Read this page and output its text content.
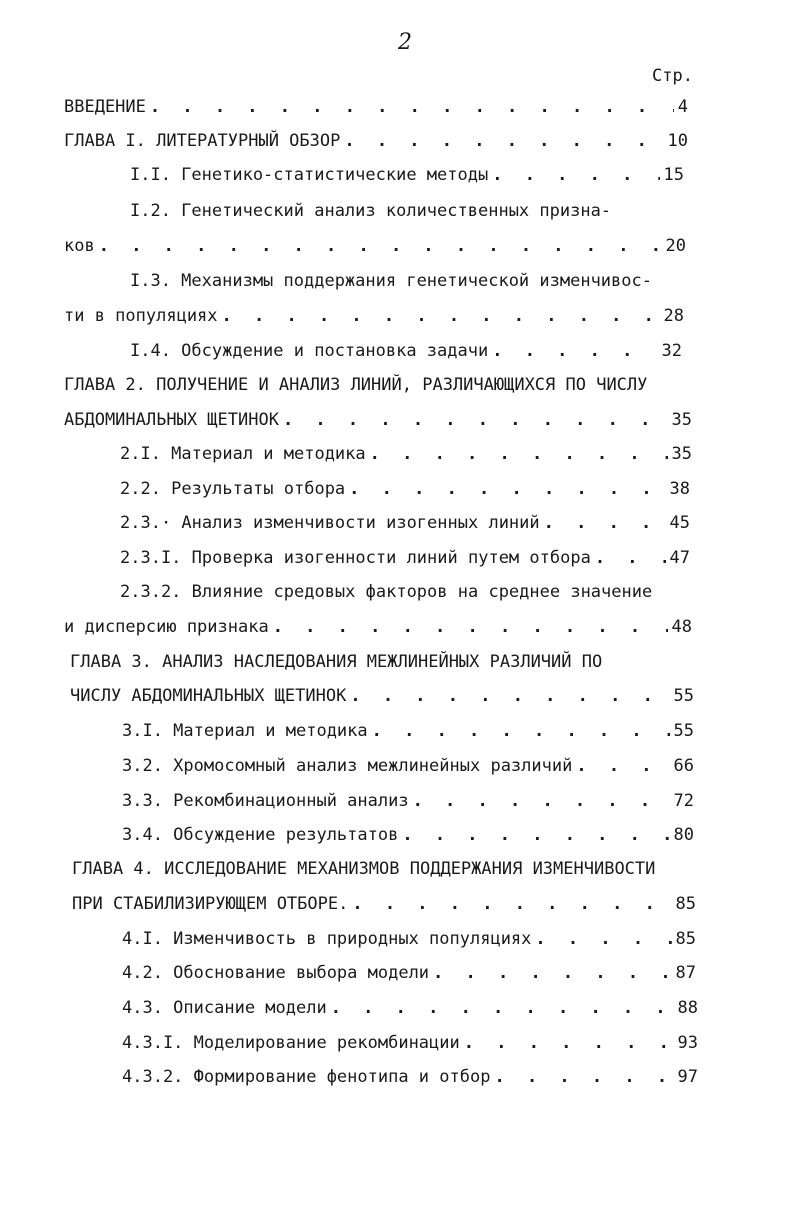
2
Стр.
ВВЕДЕНИЕ . . .	4
ГЛАВА I. ЛИТЕРАТУРНЫЙ ОБЗОР . . .	10
I.I. Генетико-статистические методы . . .	15
I.2. Генетический анализ количественных призна-
ков . . .	20
I.3. Механизмы поддержания генетической изменчивос-
ти в популяциях . . .	28
I.4. Обсуждение и постановка задачи . . .	32
ГЛАВА 2. ПОЛУЧЕНИЕ И АНАЛИЗ ЛИНИЙ, РАЗЛИЧАЮЩИХСЯ ПО ЧИСЛУ
АБДОМИНАЛЬНЫХ ЩЕТИНОК . . .	35
2.I. Материал и методика . . .	35
2.2. Результаты отбора . . .	38
2.3.· Анализ изменчивости изогенных линий . . .	45
2.3.I. Проверка изогенности линий путем отбора . . .	47
2.3.2. Влияние средовых факторов на среднее значение
и дисперсию признака . . .	48
ГЛАВА 3. АНАЛИЗ НАСЛЕДОВАНИЯ МЕЖЛИНЕЙНЫХ РАЗЛИЧИЙ ПО
ЧИСЛУ АБДОМИНАЛЬНЫХ ЩЕТИНОК . . .	55
3.I. Материал и методика . . .	55
3.2. Хромосомный анализ межлинейных различий . . .	66
3.3. Рекомбинационный анализ . . .	72
3.4. Обсуждение результатов . . .	80
ГЛАВА 4. ИССЛЕДОВАНИЕ МЕХАНИЗМОВ ПОДДЕРЖАНИЯ ИЗМЕНЧИВОСТИ
ПРИ СТАБИЛИЗИРУЮЩЕМ ОТБОРЕ. . . .	85
4.I. Изменчивость в природных популяциях . . .	85
4.2. Обоснование выбора модели . . .	87
4.3. Описание модели . . .	88
4.3.I. Моделирование рекомбинации . . .	93
4.3.2. Формирование фенотипа и отбор . . .	97
